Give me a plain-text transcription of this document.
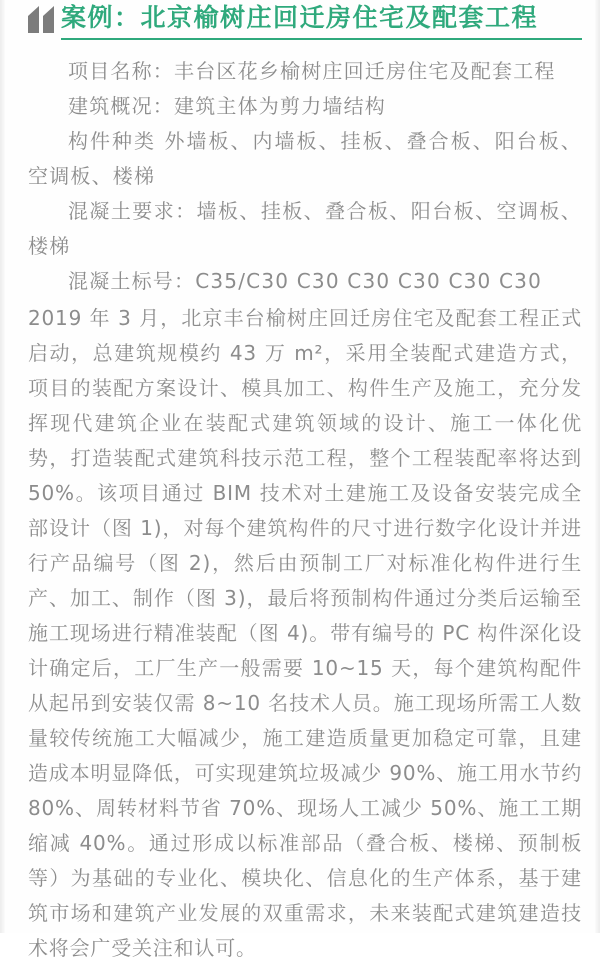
案例：北京榆树庄回迁房住宅及配套工程

项目名称：丰台区花乡榆树庄回迁房住宅及配套工程

建筑概况：建筑主体为剪力墙结构

构件种类 外墙板、内墙板、挂板、叠合板、阳台板、空调板、楼梯

混凝土要求：墙板、挂板、叠合板、阳台板、空调板、楼梯

混凝土标号：C35/C30 C30 C30 C30 C30 C30

2019 年 3 月，北京丰台榆树庄回迁房住宅及配套工程正式启动，总建筑规模约 43 万 m²，采用全装配式建造方式，项目的装配方案设计、模具加工、构件生产及施工，充分发挥现代建筑企业在装配式建筑领域的设计、施工一体化优势，打造装配式建筑科技示范工程，整个工程装配率将达到 50%。该项目通过 BIM 技术对土建施工及设备安装完成全部设计（图 1)，对每个建筑构件的尺寸进行数字化设计并进行产品编号（图 2)，然后由预制工厂对标准化构件进行生产、加工、制作（图 3)，最后将预制构件通过分类后运输至施工现场进行精准装配（图 4)。带有编号的 PC 构件深化设计确定后，工厂生产一般需要 10~15 天，每个建筑构配件从起吊到安装仅需 8~10 名技术人员。施工现场所需工人数量较传统施工大幅减少，施工建造质量更加稳定可靠，且建造成本明显降低，可实现建筑垃圾减少 90%、施工用水节约 80%、周转材料节省 70%、现场人工减少 50%、施工工期缩减 40%。通过形成以标准部品（叠合板、楼梯、预制板等）为基础的专业化、模块化、信息化的生产体系，基于建筑市场和建筑产业发展的双重需求，未来装配式建筑建造技术将会广受关注和认可。
